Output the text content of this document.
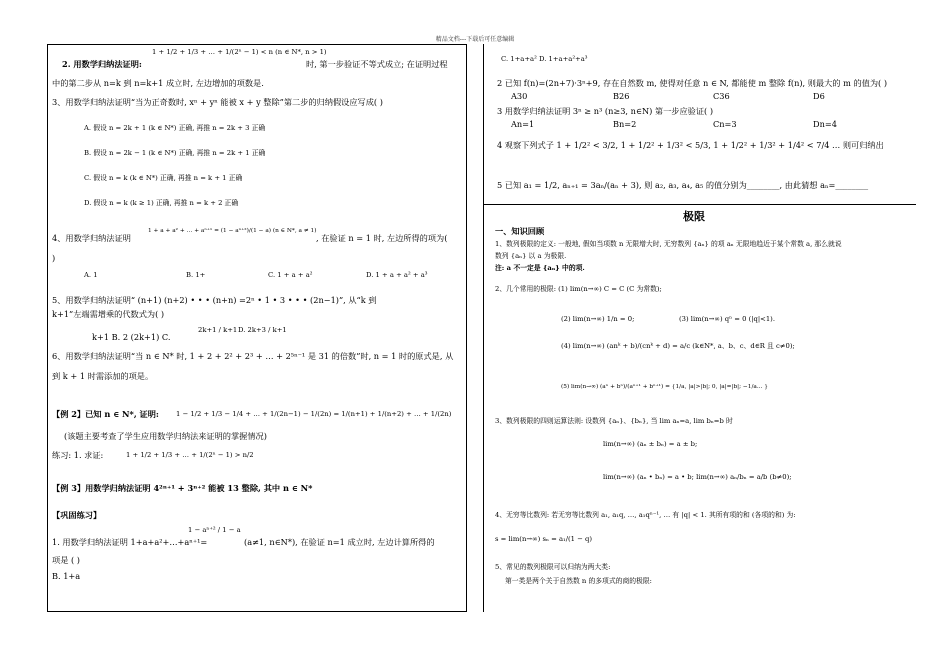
精品文档---下载后可任意编辑
1 + 1/2 + 1/3 + … + 1/(2ⁿ − 1) < n (n ∈ N*, n > 1)
2. 用数学归纳法证明:	时, 第一步验证不等式成立; 在证明过程
中的第二步从 n=k 到 n=k+1 成立时, 左边增加的项数是.
3、用数学归纳法证明“当为正奇数时, xⁿ + yⁿ 能被 x + y 整除”第二步的归纳假设应写成( )
A. 假设 n = 2k + 1 (k ∈ N*) 正确, 再推 n = 2k + 3 正确
B. 假设 n = 2k − 1 (k ∈ N*) 正确, 再推 n = 2k + 1 正确
C. 假设 n = k (k ∈ N*) 正确, 再推 n = k + 1 正确
D. 假设 n = k (k ≥ 1) 正确, 再推 n = k + 2 正确
4、用数学归纳法证明
1 + a + a² + … + aⁿ⁺¹ = (1 − aⁿ⁺²)/(1 − a) (n ∈ N*, a ≠ 1)
, 在验证 n = 1 时, 左边所得的项为(
)
A. 1	B. 1+	C. 1 + a + a²	D. 1 + a + a² + a³
5、用数学归纳法证明“ (n+1) (n+2) • • • (n+n) =2ⁿ • 1 • 3 • • • (2n−1)”, 从“k 到
k+1”左端需增乘的代数式为( )
k+1 B. 2 (2k+1) C.
2k+1 / k+1 D. 2k+3 / k+1
6、用数学归纳法证明“当 n ∈ N* 时, 1 + 2 + 2² + 2³ + … + 2⁵ⁿ⁻¹ 是 31 的倍数”时, n = 1 时的原式是, 从
到 k + 1 时需添加的项是。
【例 2】已知 n ∈ N*, 证明:	1 − 1/2 + 1/3 − 1/4 + … + 1/(2n−1) − 1/(2n) = 1/(n+1) + 1/(n+2) + … + 1/(2n)
(该题主要考查了学生应用数学归纳法来证明的掌握情况)
练习: 1. 求证:	1 + 1/2 + 1/3 + … + 1/(2ⁿ − 1) > n/2
【例 3】用数学归纳法证明 4²ⁿ⁺¹ + 3ⁿ⁺² 能被 13 整除, 其中 n ∈ N*
【巩固练习】
1. 用数学归纳法证明 1+a+a²+…+aⁿ⁺¹=
1 − aⁿ⁺² / 1 − a
(a≠1, n∈N*), 在验证 n=1 成立时, 左边计算所得的
项是 ( )
B. 1+a
C. 1+a+a² D. 1+a+a²+a³
2 已知 f(n)=(2n+7)·3ⁿ+9, 存在自然数 m, 使得对任意 n ∈ N, 都能使 m 整除 f(n), 则最大的 m 的值为( )
A30	B26	C36	D6
3 用数学归纳法证明 3ⁿ ≥ n³ (n≥3, n∈N) 第一步应验证( )
An=1	Bn=2	Cn=3	Dn=4
4 观察下列式子 1 + 1/2² < 3/2, 1 + 1/2² + 1/3² < 5/3, 1 + 1/2² + 1/3² + 1/4² < 7/4 … 则可归纳出
5 已知 a₁ = 1/2, aₙ₊₁ = 3aₙ/(aₙ + 3), 则 a₂, a₃, a₄, a₅ 的值分别为________, 由此猜想 aₙ=________
极限
一、知识回顾
1、数列极限的定义: 一般地, 假如当项数 n 无限增大时, 无穷数列 {aₙ} 的项 aₙ 无限地趋近于某个常数 a, 那么就说
数列 {aₙ} 以 a 为极限.
注: a 不一定是 {aₙ} 中的项.
2、几个常用的极限: (1) lim(n→∞) C = C (C 为常数);
(2) lim(n→∞) 1/n = 0;	(3) lim(n→∞) qⁿ = 0 (|q|<1).
(4) lim(n→∞) (anᵏ + b)/(cnᵏ + d) = a/c (k∈N*, a、b、c、d∈R 且 c≠0);
(5) lim(n→∞) (aⁿ + bⁿ)/(aⁿ⁺¹ + bⁿ⁺¹) = {1/a, |a|>|b|; 0, |a|=|b|; −1/a... }
3、数列极限的四则运算法则: 设数列 {aₙ}、{bₙ}, 当 lim aₙ=a, lim bₙ=b 时
lim(n→∞) (aₙ ± bₙ) = a ± b;
lim(n→∞) (aₙ • bₙ) = a • b; lim(n→∞) aₙ/bₙ = a/b (b≠0);
4、无穷等比数列: 若无穷等比数列 a₁, a₁q, …, a₁qⁿ⁻¹, … 有 |q| < 1. 其所有项的和 (各项的和) 为:
s = lim(n→∞) sₙ = a₁/(1 − q)
5、常见的数列极限可以归纳为两大类:
第一类是两个关于自然数 n 的多项式的商的极限:
